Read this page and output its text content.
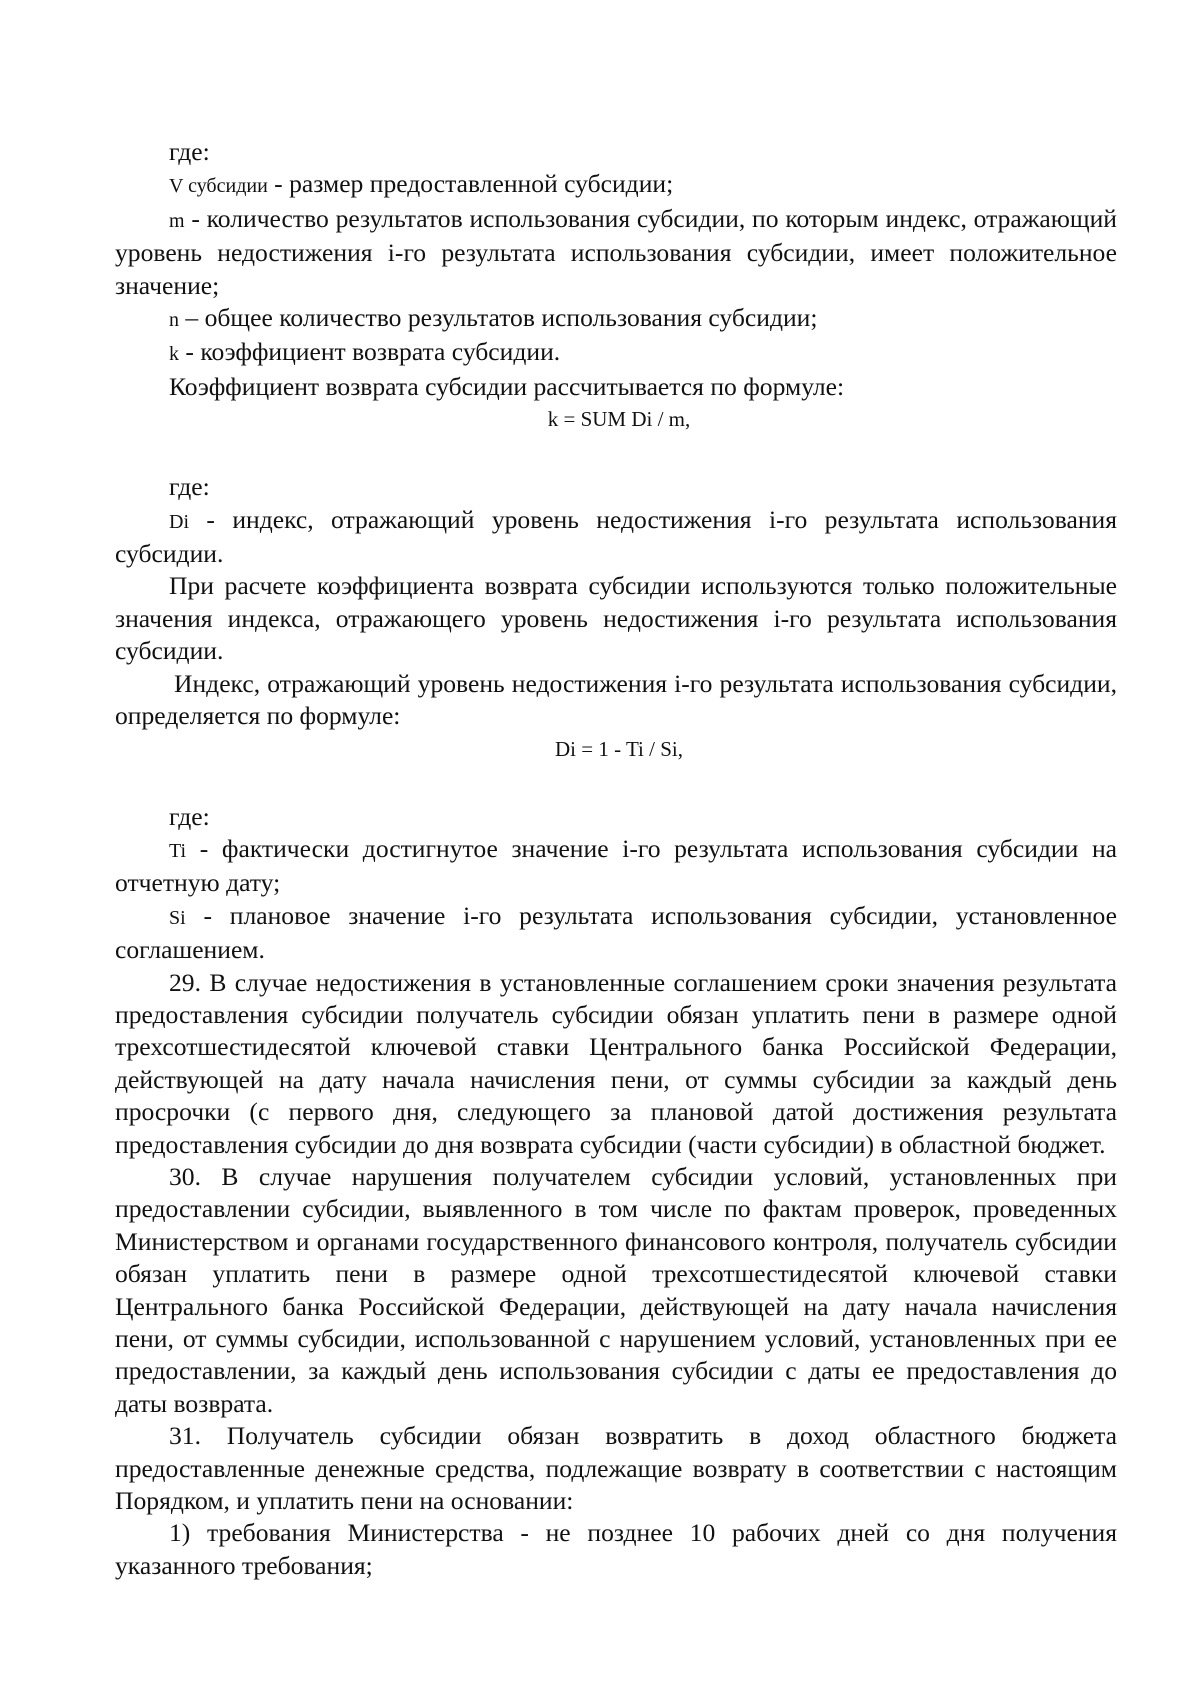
где:

V субсидии - размер предоставленной субсидии;

m - количество результатов использования субсидии, по которым индекс, отражающий уровень недостижения i-го результата использования субсидии, имеет положительное значение;

n – общее количество результатов использования субсидии;

k - коэффициент возврата субсидии.

Коэффициент возврата субсидии рассчитывается по формуле:

k = SUM Di / m,

где:

Di - индекс, отражающий уровень недостижения i-го результата использования субсидии.

При расчете коэффициента возврата субсидии используются только положительные значения индекса, отражающего уровень недостижения i-го результата использования субсидии.

Индекс, отражающий уровень недостижения i-го результата использования субсидии, определяется по формуле:

Di = 1 - Ti / Si,

где:

Ti - фактически достигнутое значение i-го результата использования субсидии на отчетную дату;

Si - плановое значение i-го результата использования субсидии, установленное соглашением.

29. В случае недостижения в установленные соглашением сроки значения результата предоставления субсидии получатель субсидии обязан уплатить пени в размере одной трехсотшестидесятой ключевой ставки Центрального банка Российской Федерации, действующей на дату начала начисления пени, от суммы субсидии за каждый день просрочки (с первого дня, следующего за плановой датой достижения результата предоставления субсидии до дня возврата субсидии (части субсидии) в областной бюджет.

30. В случае нарушения получателем субсидии условий, установленных при предоставлении субсидии, выявленного в том числе по фактам проверок, проведенных Министерством и органами государственного финансового контроля, получатель субсидии обязан уплатить пени в размере одной трехсотшестидесятой ключевой ставки Центрального банка Российской Федерации, действующей на дату начала начисления пени, от суммы субсидии, использованной с нарушением условий, установленных при ее предоставлении, за каждый день использования субсидии с даты ее предоставления до даты возврата.

31. Получатель субсидии обязан возвратить в доход областного бюджета предоставленные денежные средства, подлежащие возврату в соответствии с настоящим Порядком, и уплатить пени на основании:

1) требования Министерства - не позднее 10 рабочих дней со дня получения указанного требования;
